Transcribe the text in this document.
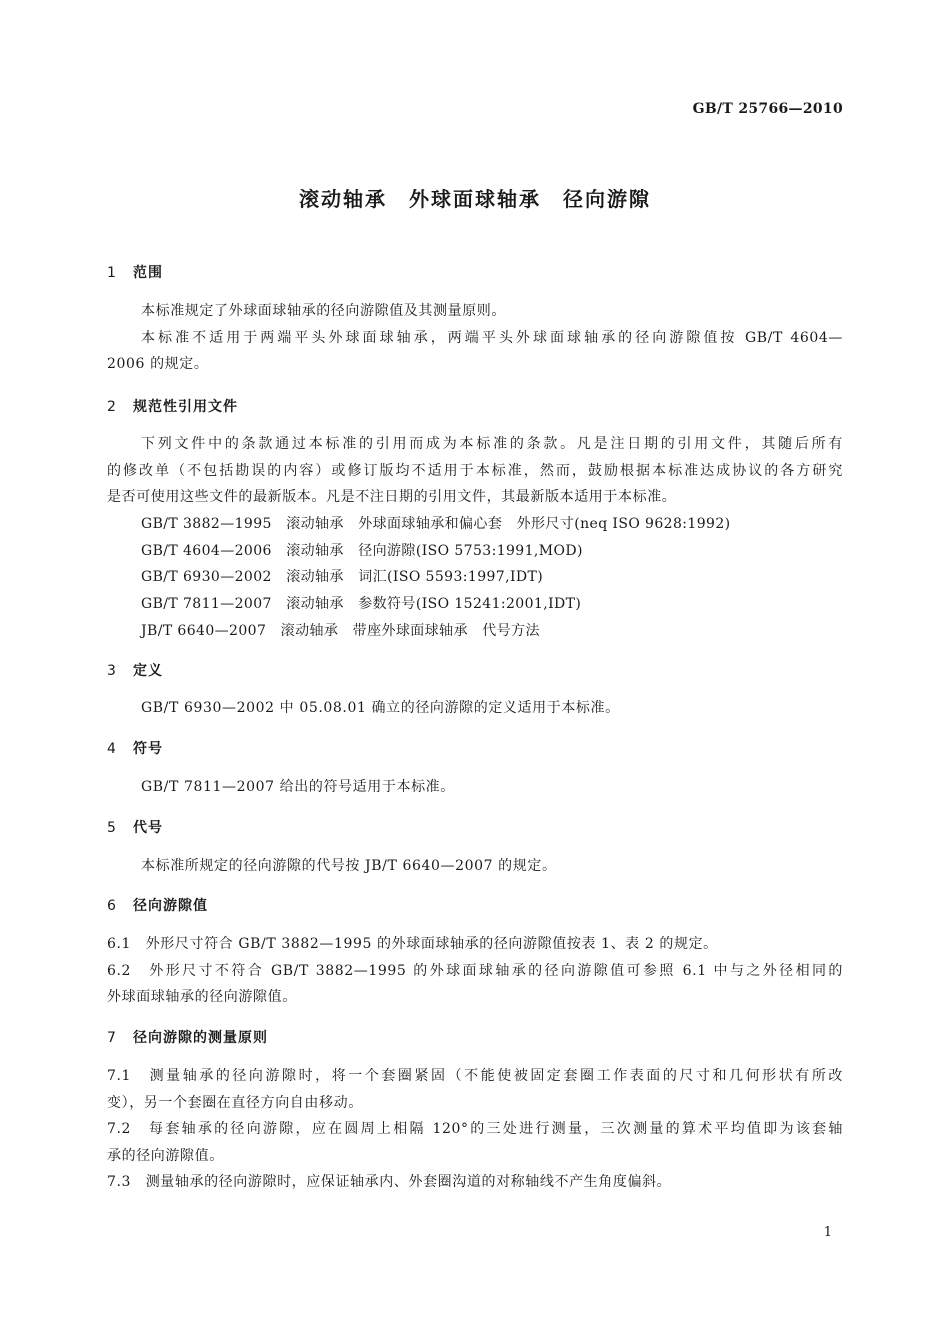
GB/T 25766—2010
滚动轴承　外球面球轴承　径向游隙
1 范围
本标准规定了外球面球轴承的径向游隙值及其测量原则。
本标准不适用于两端平头外球面球轴承，两端平头外球面球轴承的径向游隙值按 GB/T 4604—
2006 的规定。
2 规范性引用文件
下列文件中的条款通过本标准的引用而成为本标准的条款。凡是注日期的引用文件，其随后所有
的修改单（不包括勘误的内容）或修订版均不适用于本标准，然而，鼓励根据本标准达成协议的各方研究
是否可使用这些文件的最新版本。凡是不注日期的引用文件，其最新版本适用于本标准。
GB/T 3882—1995　滚动轴承　外球面球轴承和偏心套　外形尺寸(neq ISO 9628:1992)
GB/T 4604—2006　滚动轴承　径向游隙(ISO 5753:1991,MOD)
GB/T 6930—2002　滚动轴承　词汇(ISO 5593:1997,IDT)
GB/T 7811—2007　滚动轴承　参数符号(ISO 15241:2001,IDT)
JB/T 6640—2007　滚动轴承　带座外球面球轴承　代号方法
3 定义
GB/T 6930—2002 中 05.08.01 确立的径向游隙的定义适用于本标准。
4 符号
GB/T 7811—2007 给出的符号适用于本标准。
5 代号
本标准所规定的径向游隙的代号按 JB/T 6640—2007 的规定。
6 径向游隙值
6.1　 外形尺寸符合 GB/T 3882—1995 的外球面球轴承的径向游隙值按表 1、表 2 的规定。
6.2　 外形尺寸不符合 GB/T 3882—1995 的外球面球轴承的径向游隙值可参照 6.1 中与之外径相同的
外球面球轴承的径向游隙值。
7 径向游隙的测量原则
7.1　 测量轴承的径向游隙时，将一个套圈紧固（不能使被固定套圈工作表面的尺寸和几何形状有所改
变），另一个套圈在直径方向自由移动。
7.2　 每套轴承的径向游隙，应在圆周上相隔 120°的三处进行测量，三次测量的算术平均值即为该套轴
承的径向游隙值。
7.3　 测量轴承的径向游隙时，应保证轴承内、外套圈沟道的对称轴线不产生角度偏斜。
1
